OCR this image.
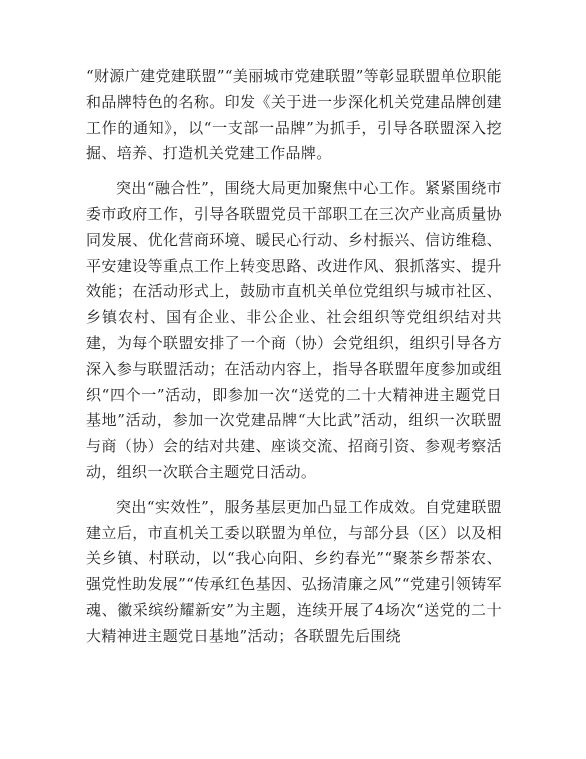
“财源广建党建联盟”“美丽城市党建联盟”等彰显联盟单位职能和品牌特色的名称。印发《关于进一步深化机关党建品牌创建工作的通知》，以“一支部一品牌”为抓手，引导各联盟深入挖掘、培养、打造机关党建工作品牌。

突出“融合性”，围绕大局更加聚焦中心工作。紧紧围绕市委市政府工作，引导各联盟党员干部职工在三次产业高质量协同发展、优化营商环境、暖民心行动、乡村振兴、信访维稳、平安建设等重点工作上转变思路、改进作风、狠抓落实、提升效能；在活动形式上，鼓励市直机关单位党组织与城市社区、乡镇农村、国有企业、非公企业、社会组织等党组织结对共建，为每个联盟安排了一个商（协）会党组织，组织引导各方深入参与联盟活动；在活动内容上，指导各联盟年度参加或组织“四个一”活动，即参加一次“送党的二十大精神进主题党日基地”活动，参加一次党建品牌“大比武”活动，组织一次联盟与商（协）会的结对共建、座谈交流、招商引资、参观考察活动，组织一次联合主题党日活动。

突出“实效性”，服务基层更加凸显工作成效。自党建联盟建立后，市直机关工委以联盟为单位，与部分县（区）以及相关乡镇、村联动，以“我心向阳、乡约春光”“聚茶乡帮茶农、强党性助发展”“传承红色基因、弘扬清廉之风”“党建引领铸军魂、徽采缤纷耀新安”为主题，连续开展了4场次“送党的二十大精神进主题党日基地”活动；各联盟先后围绕
